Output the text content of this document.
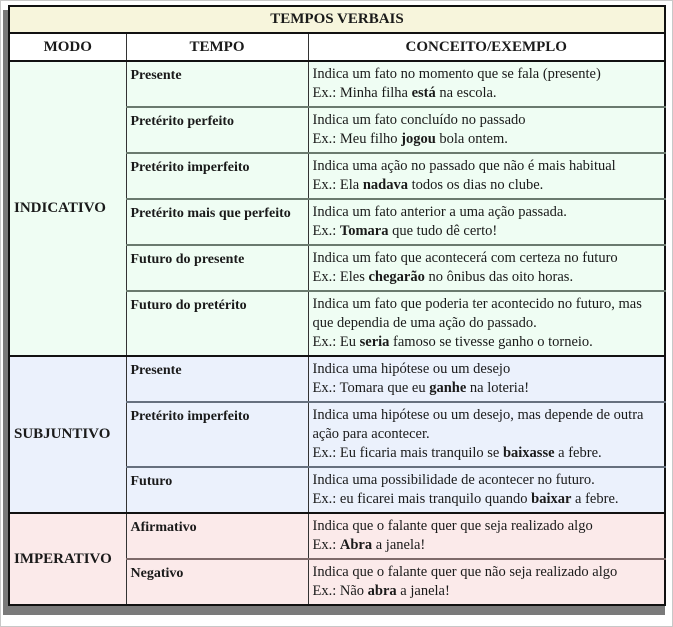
TEMPOS VERBAIS		
MODO	TEMPO	CONCEITO/EXEMPLO
INDICATIVO	Presente	Indica um fato no momento que se fala (presente)
Ex.: Minha filha está na escola.

	Pretérito perfeito	Indica um fato concluído no passado
Ex.: Meu filho jogou bola ontem.

	Pretérito imperfeito	Indica uma ação no passado que não é mais habitual
Ex.: Ela nadava todos os dias no clube.

	Pretérito mais que perfeito	Indica um fato anterior a uma ação passada.
Ex.: Tomara que tudo dê certo!

	Futuro do presente	Indica um fato que acontecerá com certeza no futuro
Ex.: Eles chegarão no ônibus das oito horas.

	Futuro do pretérito	Indica um fato que poderia ter acontecido no futuro, mas que dependia de uma ação do passado.
Ex.: Eu seria famoso se tivesse ganho o torneio.

SUBJUNTIVO	Presente	Indica uma hipótese ou um desejo
Ex.: Tomara que eu ganhe na loteria!

	Pretérito imperfeito	Indica uma hipótese ou um desejo, mas depende de outra ação para acontecer.
Ex.: Eu ficaria mais tranquilo se baixasse a febre.

	Futuro	Indica uma possibilidade de acontecer no futuro.
Ex.: eu ficarei mais tranquilo quando baixar a febre.

IMPERATIVO	Afirmativo	Indica que o falante quer que seja realizado algo
Ex.: Abra a janela!

	Negativo	Indica que o falante quer que não seja realizado algo
Ex.: Não abra a janela!
